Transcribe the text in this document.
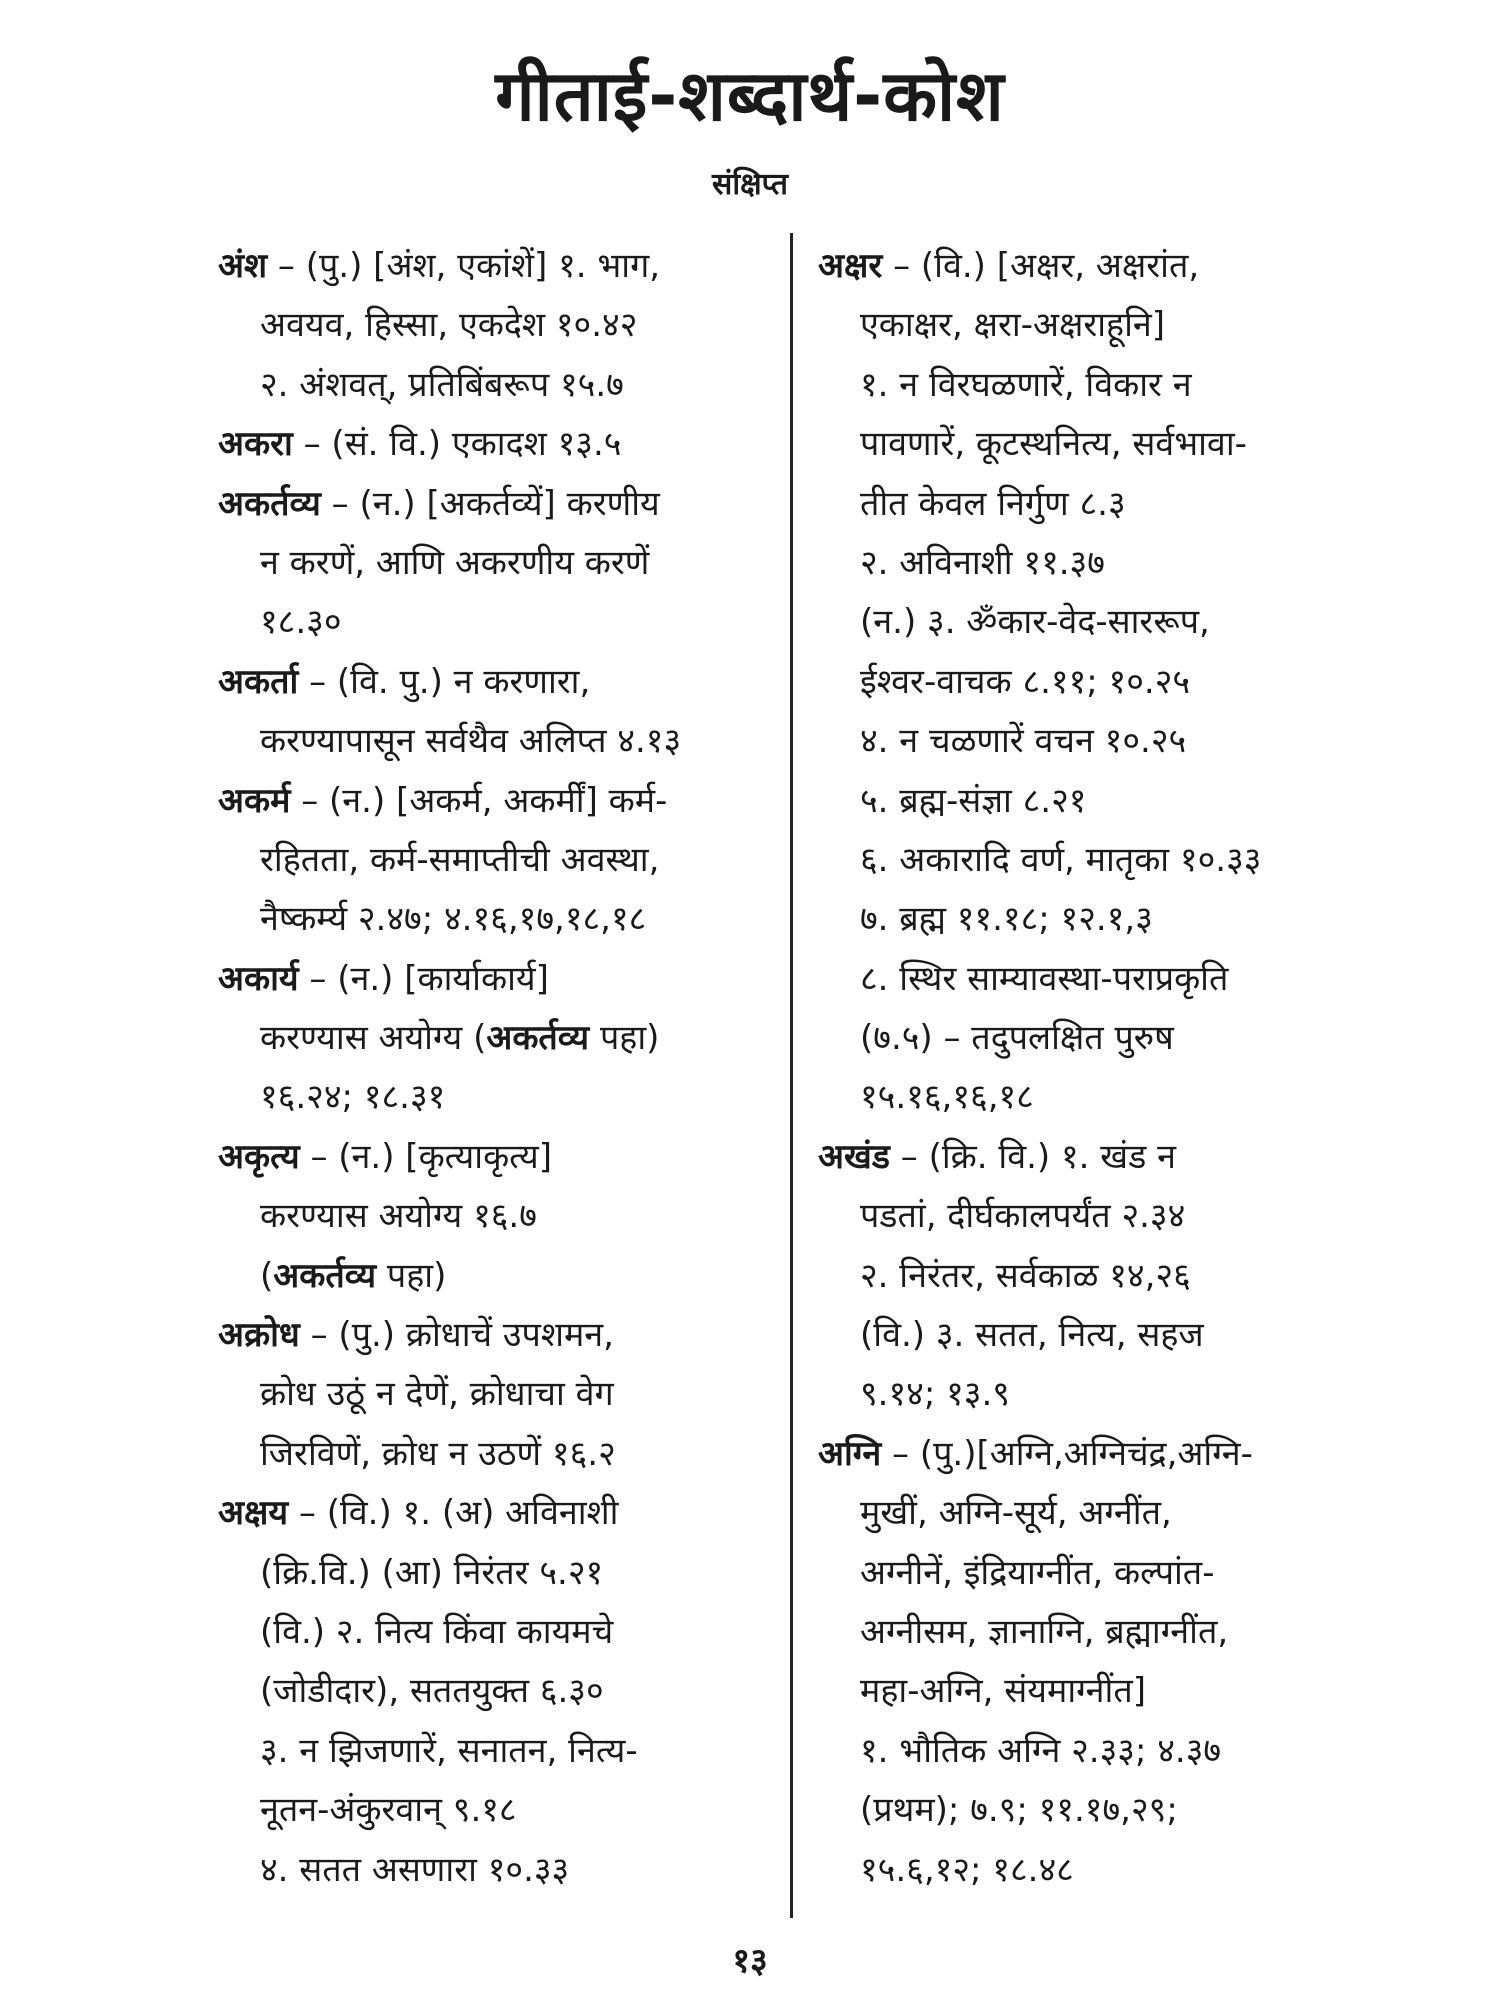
गीताई-शब्दार्थ-कोश
संक्षिप्त
अंश – (पु.) [अंश, एकांशें] १. भाग,
अवयव, हिस्सा, एकदेश १०.४२
२. अंशवत्, प्रतिबिंबरूप १५.७
अकरा – (सं. वि.) एकादश १३.५
अकर्तव्य – (न.) [अकर्तव्यें] करणीय
न करणें, आणि अकरणीय करणें
१८.३०
अकर्ता – (वि. पु.) न करणारा,
करण्यापासून सर्वथैव अलिप्त ४.१३
अकर्म – (न.) [अकर्म, अकर्मीं] कर्म-
रहितता, कर्म-समाप्तीची अवस्था,
नैष्कर्म्य २.४७; ४.१६,१७,१८,१८
अकार्य – (न.) [कार्याकार्य]
करण्यास अयोग्य (अकर्तव्य पहा)
१६.२४; १८.३१
अकृत्य – (न.) [कृत्याकृत्य]
करण्यास अयोग्य १६.७
(अकर्तव्य पहा)
अक्रोध – (पु.) क्रोधाचें उपशमन,
क्रोध उठूं न देणें, क्रोधाचा वेग
जिरविणें, क्रोध न उठणें १६.२
अक्षय – (वि.) १. (अ) अविनाशी
(क्रि.वि.) (आ) निरंतर ५.२१
(वि.) २. नित्य किंवा कायमचे
(जोडीदार), सततयुक्त ६.३०
३. न झिजणारें, सनातन, नित्य-
नूतन-अंकुरवान् ९.१८
४. सतत असणारा १०.३३
अक्षर – (वि.) [अक्षर, अक्षरांत,
एकाक्षर, क्षरा-अक्षराहूनि]
१. न विरघळणारें, विकार न
पावणारें, कूटस्थनित्य, सर्वभावा-
तीत केवल निर्गुण ८.३
२. अविनाशी ११.३७
(न.) ३. ॐकार-वेद-साररूप,
ईश्वर-वाचक ८.११; १०.२५
४. न चळणारें वचन १०.२५
५. ब्रह्म-संज्ञा ८.२१
६. अकारादि वर्ण, मातृका १०.३३
७. ब्रह्म ११.१८; १२.१,३
८. स्थिर साम्यावस्था-पराप्रकृति
(७.५) – तदुपलक्षित पुरुष
१५.१६,१६,१८
अखंड – (क्रि. वि.) १. खंड न
पडतां, दीर्घकालपर्यंत २.३४
२. निरंतर, सर्वकाळ १४,२६
(वि.) ३. सतत, नित्य, सहज
९.१४; १३.९
अग्नि – (पु.)[अग्नि,अग्निचंद्र,अग्नि-
मुखीं, अग्नि-सूर्य, अग्नींत,
अग्नीनें, इंद्रियाग्नींत, कल्पांत-
अग्नीसम, ज्ञानाग्नि, ब्रह्माग्नींत,
महा-अग्नि, संयमाग्नींत]
१. भौतिक अग्नि २.३३; ४.३७
(प्रथम); ७.९; ११.१७,२९;
१५.६,१२; १८.४८
१३
